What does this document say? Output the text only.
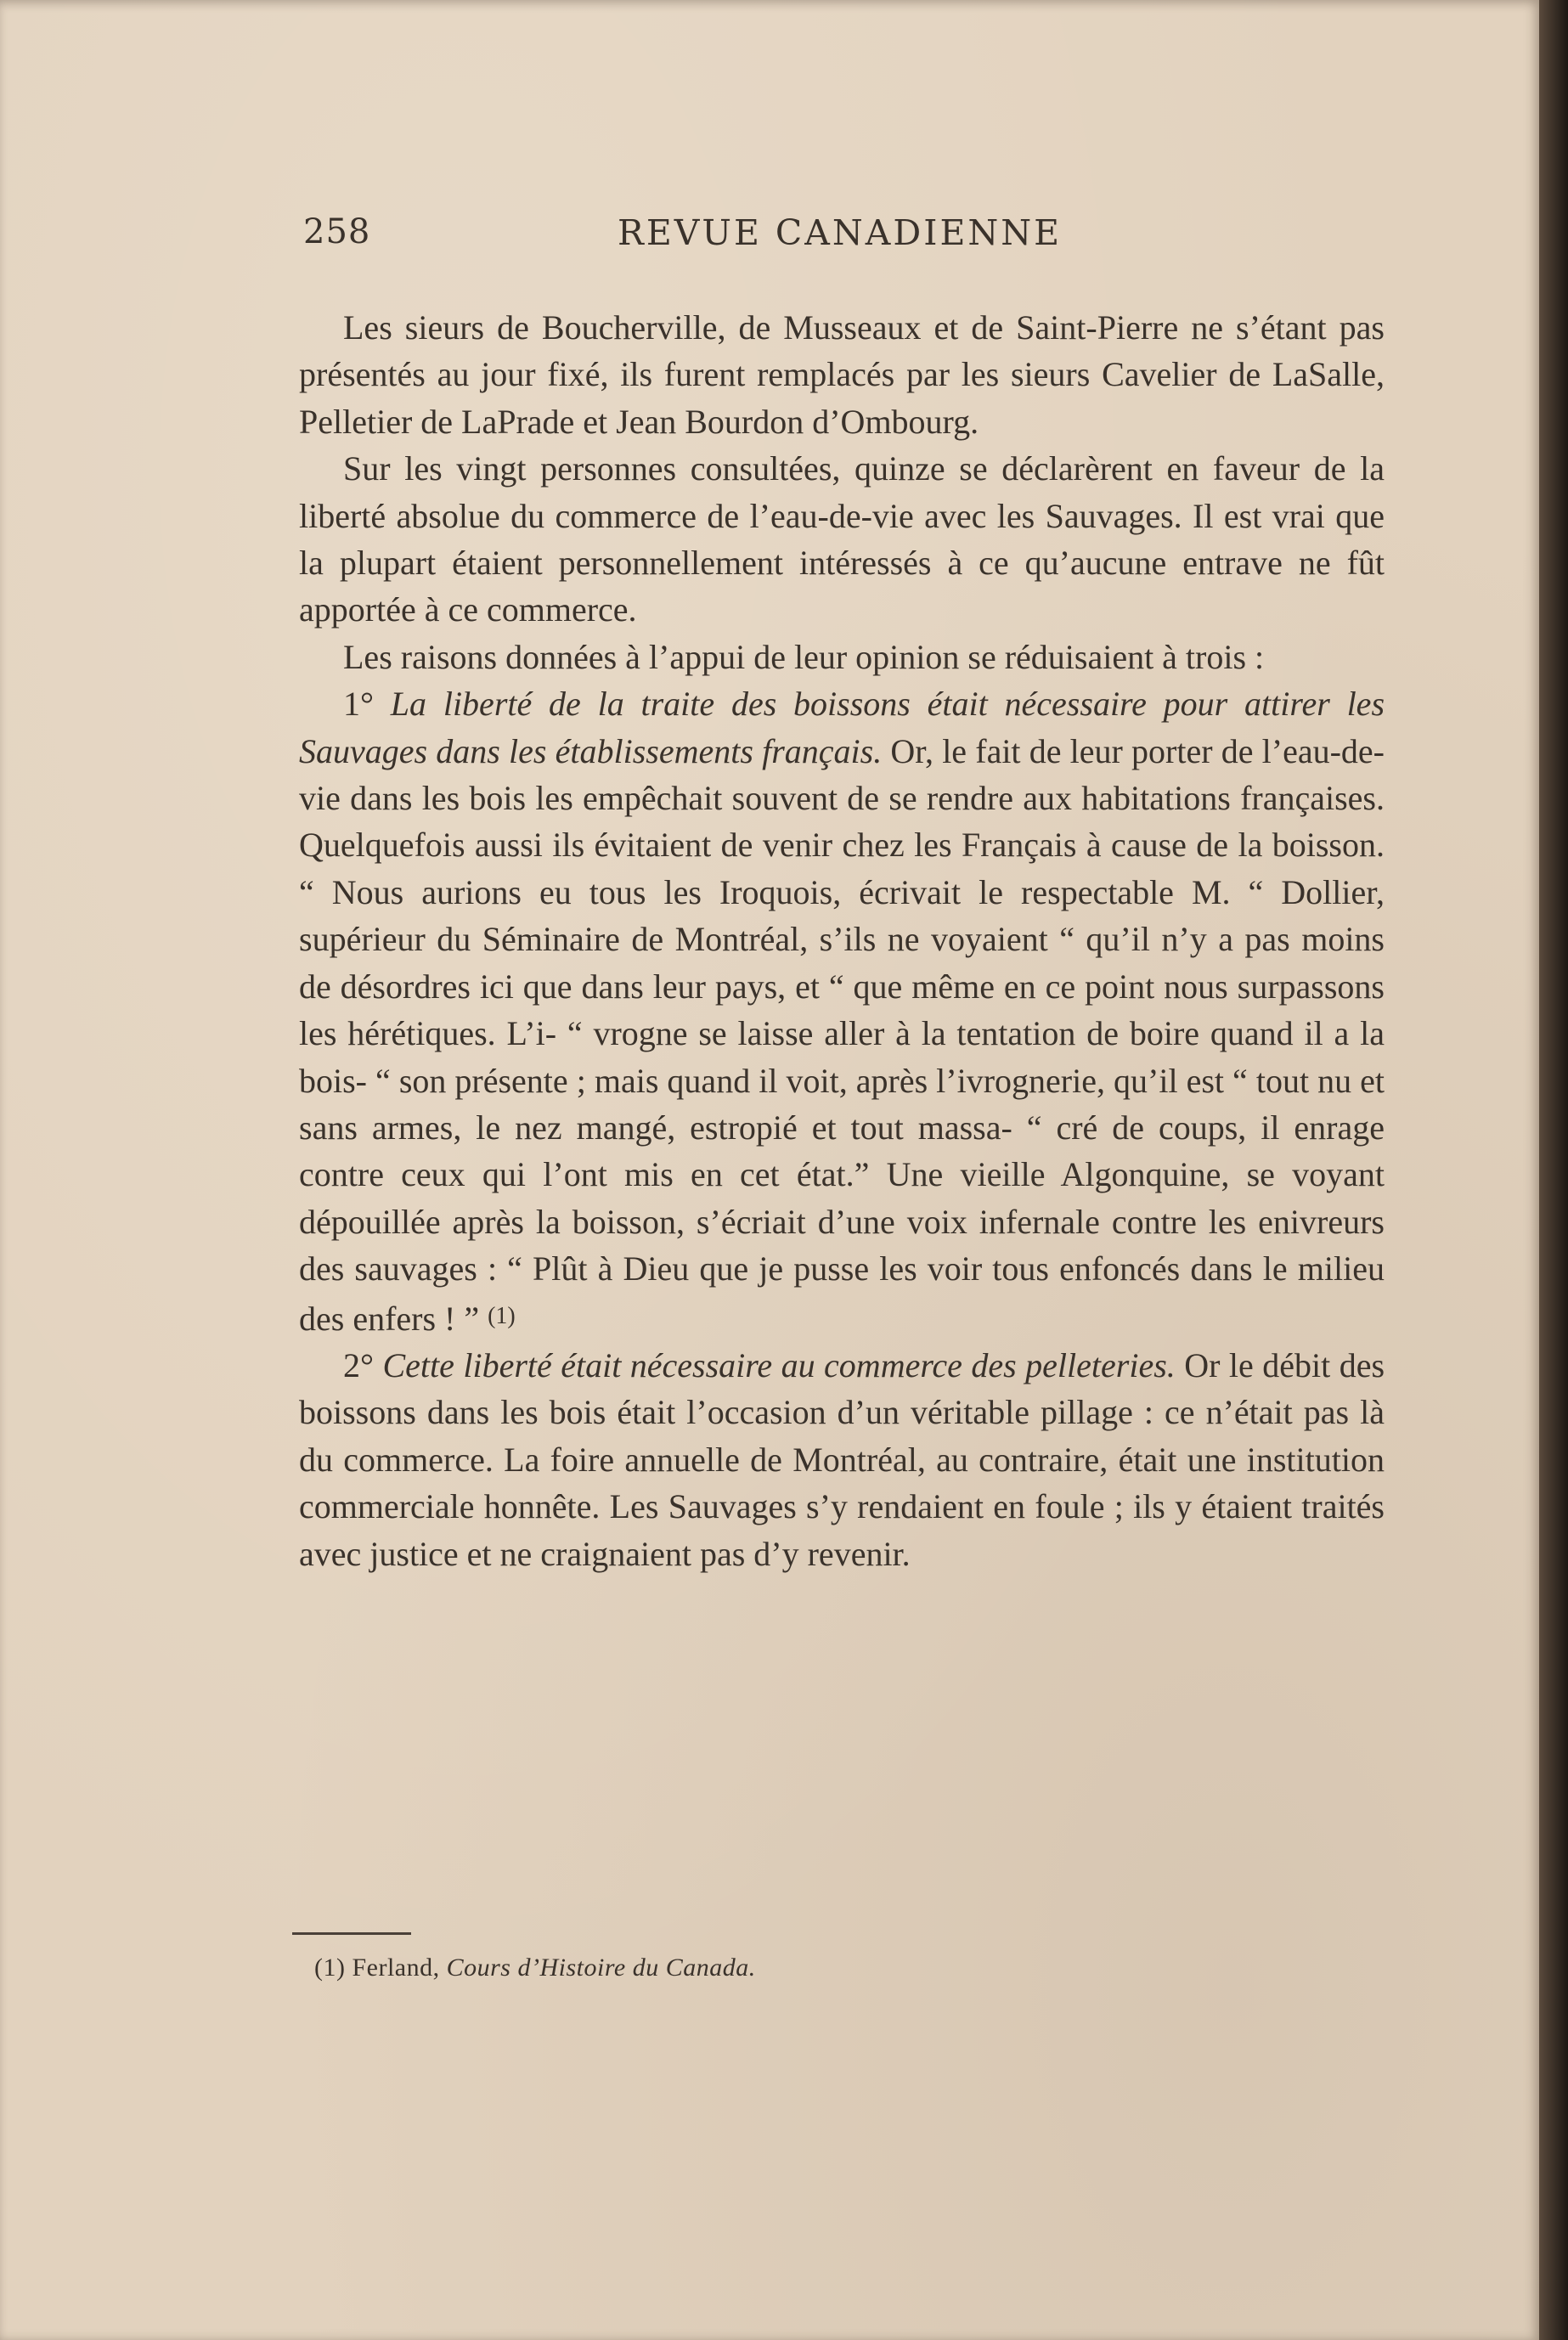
258	REVUE CANADIENNE

Les sieurs de Boucherville, de Musseaux et de Saint-Pierre ne s’étant pas présentés au jour fixé, ils furent remplacés par les sieurs Cavelier de LaSalle, Pelletier de LaPrade et Jean Bourdon d’Ombourg.

Sur les vingt personnes consultées, quinze se déclarèrent en faveur de la liberté absolue du commerce de l’eau-de-vie avec les Sauvages. Il est vrai que la plupart étaient personnellement intéressés à ce qu’aucune entrave ne fût apportée à ce commerce.

Les raisons données à l’appui de leur opinion se réduisaient à trois :

1° La liberté de la traite des boissons était nécessaire pour attirer les Sauvages dans les établissements français. Or, le fait de leur porter de l’eau-de-vie dans les bois les empêchait souvent de se rendre aux habitations françaises. Quelquefois aussi ils évitaient de venir chez les Français à cause de la boisson. “ Nous aurions eu tous les Iroquois, écrivait le respectable M. “ Dollier, supérieur du Séminaire de Montréal, s’ils ne voyaient “ qu’il n’y a pas moins de désordres ici que dans leur pays, et “ que même en ce point nous surpassons les hérétiques. L’i- “ vrogne se laisse aller à la tentation de boire quand il a la bois- “ son présente ; mais quand il voit, après l’ivrognerie, qu’il est “ tout nu et sans armes, le nez mangé, estropié et tout massa- “ cré de coups, il enrage contre ceux qui l’ont mis en cet état.” Une vieille Algonquine, se voyant dépouillée après la boisson, s’écriait d’une voix infernale contre les enivreurs des sauvages : “ Plût à Dieu que je pusse les voir tous enfoncés dans le milieu des enfers ! ” $^{(1)}$

2° Cette liberté était nécessaire au commerce des pelleteries. Or le débit des boissons dans les bois était l’occasion d’un véritable pillage : ce n’était pas là du commerce. La foire annuelle de Montréal, au contraire, était une institution commerciale honnête. Les Sauvages s’y rendaient en foule ; ils y étaient traités avec justice et ne craignaient pas d’y revenir.

(1) Ferland, Cours d’Histoire du Canada.
